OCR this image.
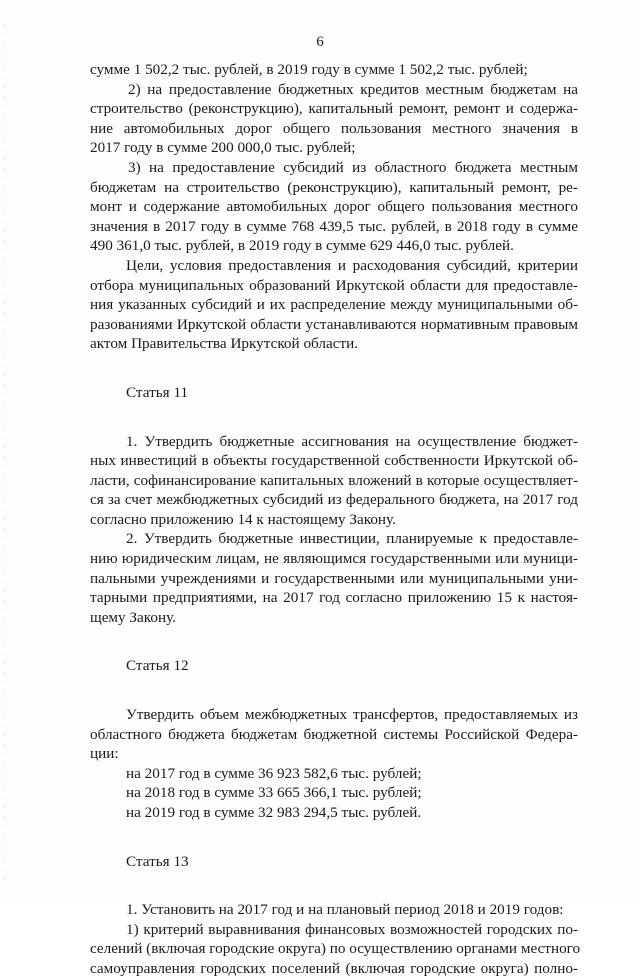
6
сумме 1 502,2 тыс. рублей, в 2019 году в сумме 1 502,2 тыс. рублей;
2) на предоставление бюджетных кредитов местным бюджетам на
строительство (реконструкцию), капитальный ремонт, ремонт и содержа-
ние автомобильных дорог общего пользования местного значения в
2017 году в сумме 200 000,0 тыс. рублей;
3) на предоставление субсидий из областного бюджета местным
бюджетам на строительство (реконструкцию), капитальный ремонт, ре-
монт и содержание автомобильных дорог общего пользования местного
значения в 2017 году в сумме 768 439,5 тыс. рублей, в 2018 году в сумме
490 361,0 тыс. рублей, в 2019 году в сумме 629 446,0 тыс. рублей.
Цели, условия предоставления и расходования субсидий, критерии
отбора муниципальных образований Иркутской области для предоставле-
ния указанных субсидий и их распределение между муниципальными об-
разованиями Иркутской области устанавливаются нормативным правовым
актом Правительства Иркутской области.
Статья 11
1. Утвердить бюджетные ассигнования на осуществление бюджет-
ных инвестиций в объекты государственной собственности Иркутской об-
ласти, софинансирование капитальных вложений в которые осуществляет-
ся за счет межбюджетных субсидий из федерального бюджета, на 2017 год
согласно приложению 14 к настоящему Закону.
2. Утвердить бюджетные инвестиции, планируемые к предоставле-
нию юридическим лицам, не являющимся государственными или муници-
пальными учреждениями и государственными или муниципальными уни-
тарными предприятиями, на 2017 год согласно приложению 15 к настоя-
щему Закону.
Статья 12
Утвердить объем межбюджетных трансфертов, предоставляемых из
областного бюджета бюджетам бюджетной системы Российской Федера-
ции:
на 2017 год в сумме 36 923 582,6 тыс. рублей;
на 2018 год в сумме 33 665 366,1 тыс. рублей;
на 2019 год в сумме 32 983 294,5 тыс. рублей.
Статья 13
1. Установить на 2017 год и на плановый период 2018 и 2019 годов:
1) критерий выравнивания финансовых возможностей городских по-
селений (включая городские округа) по осуществлению органами местного
самоуправления городских поселений (включая городские округа) полно-
